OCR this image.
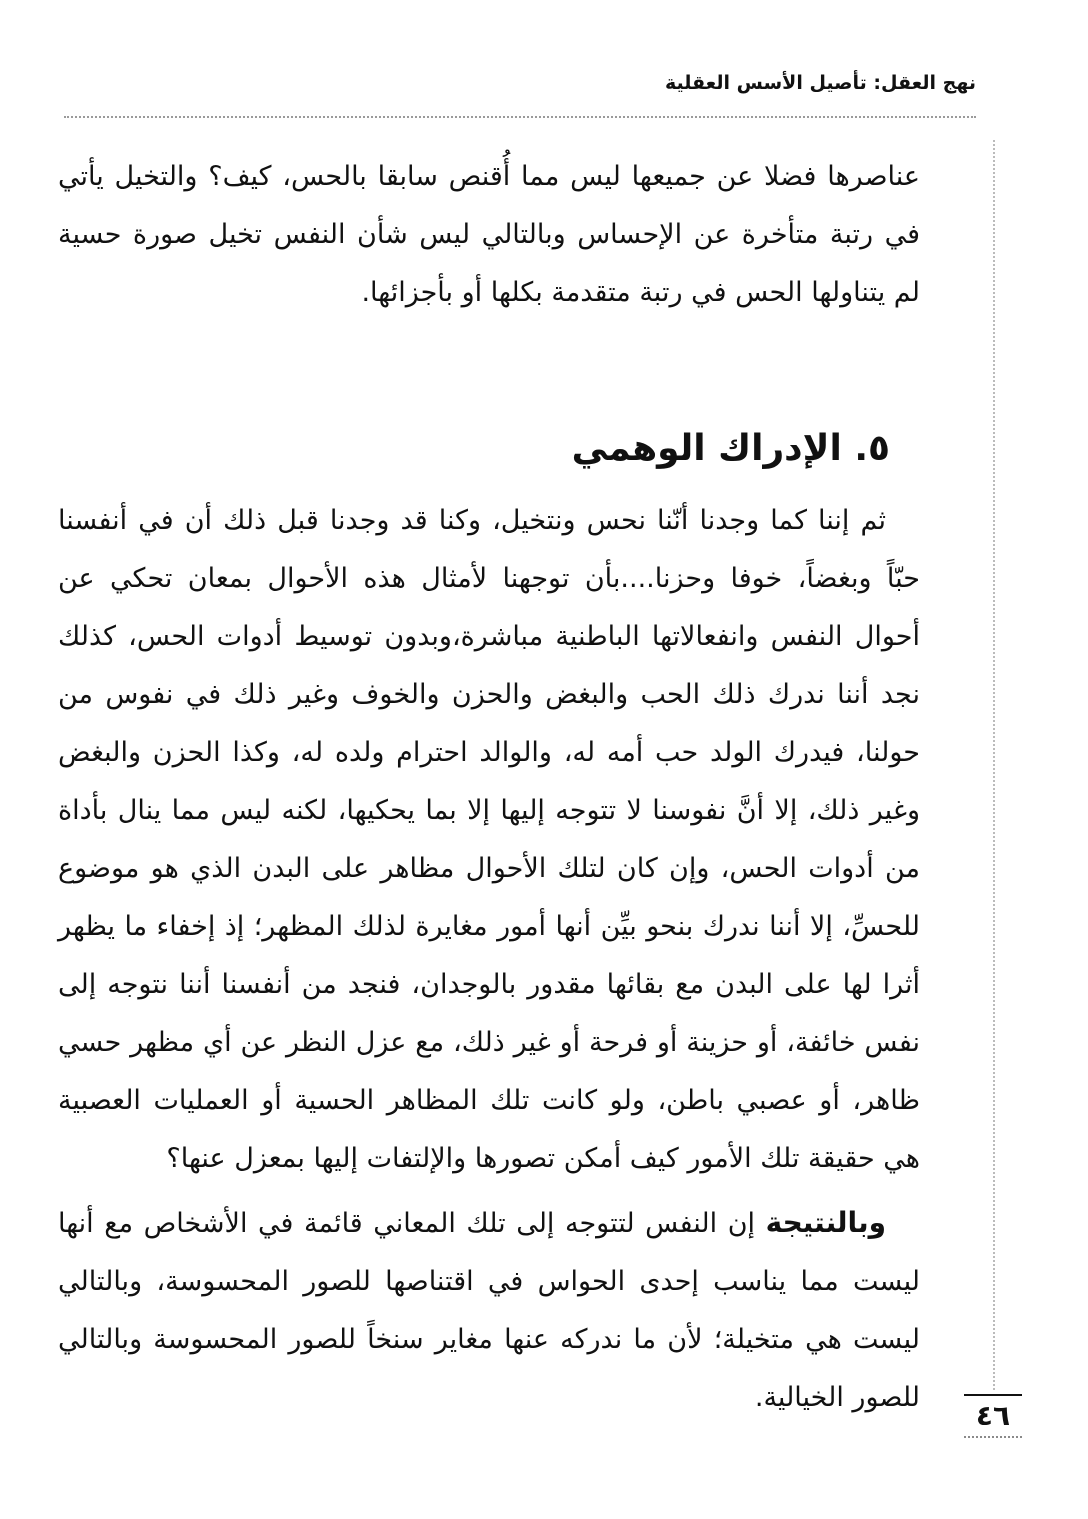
نهج العقل: تأصيل الأسس العقلية

عناصرها فضلا عن جميعها ليس مما أُقنص سابقا بالحس، كيف؟ والتخيل يأتي في رتبة متأخرة عن الإحساس وبالتالي ليس شأن النفس تخيل صورة حسية لم يتناولها الحس في رتبة متقدمة بكلها أو بأجزائها.

٥. الإدراك الوهمي

ثم إننا كما وجدنا أنّنا نحس ونتخيل، وكنا قد وجدنا قبل ذلك أن في أنفسنا حبّاً وبغضاً، خوفا وحزنا....بأن توجهنا لأمثال هذه الأحوال بمعان تحكي عن أحوال النفس وانفعالاتها الباطنية مباشرة،وبدون توسيط أدوات الحس، كذلك نجد أننا ندرك ذلك الحب والبغض والحزن والخوف وغير ذلك في نفوس من حولنا، فيدرك الولد حب أمه له، والوالد احترام ولده له، وكذا الحزن والبغض وغير ذلك، إلا أنَّ نفوسنا لا تتوجه إليها إلا بما يحكيها، لكنه ليس مما ينال بأداة من أدوات الحس، وإن كان لتلك الأحوال مظاهر على البدن الذي هو موضوع للحسِّ، إلا أننا ندرك بنحو بيِّن أنها أمور مغايرة لذلك المظهر؛ إذ إخفاء ما يظهر أثرا لها على البدن مع بقائها مقدور بالوجدان، فنجد من أنفسنا أننا نتوجه إلى نفس خائفة، أو حزينة أو فرحة أو غير ذلك، مع عزل النظر عن أي مظهر حسي ظاهر، أو عصبي باطن، ولو كانت تلك المظاهر الحسية أو العمليات العصبية هي حقيقة تلك الأمور كيف أمكن تصورها والإلتفات إليها بمعزل عنها؟

وبالنتيجة إن النفس لتتوجه إلى تلك المعاني قائمة في الأشخاص مع أنها ليست مما يناسب إحدى الحواس في اقتناصها للصور المحسوسة، وبالتالي ليست هي متخيلة؛ لأن ما ندركه عنها مغاير سنخاً للصور المحسوسة وبالتالي للصور الخيالية.

٤٦
